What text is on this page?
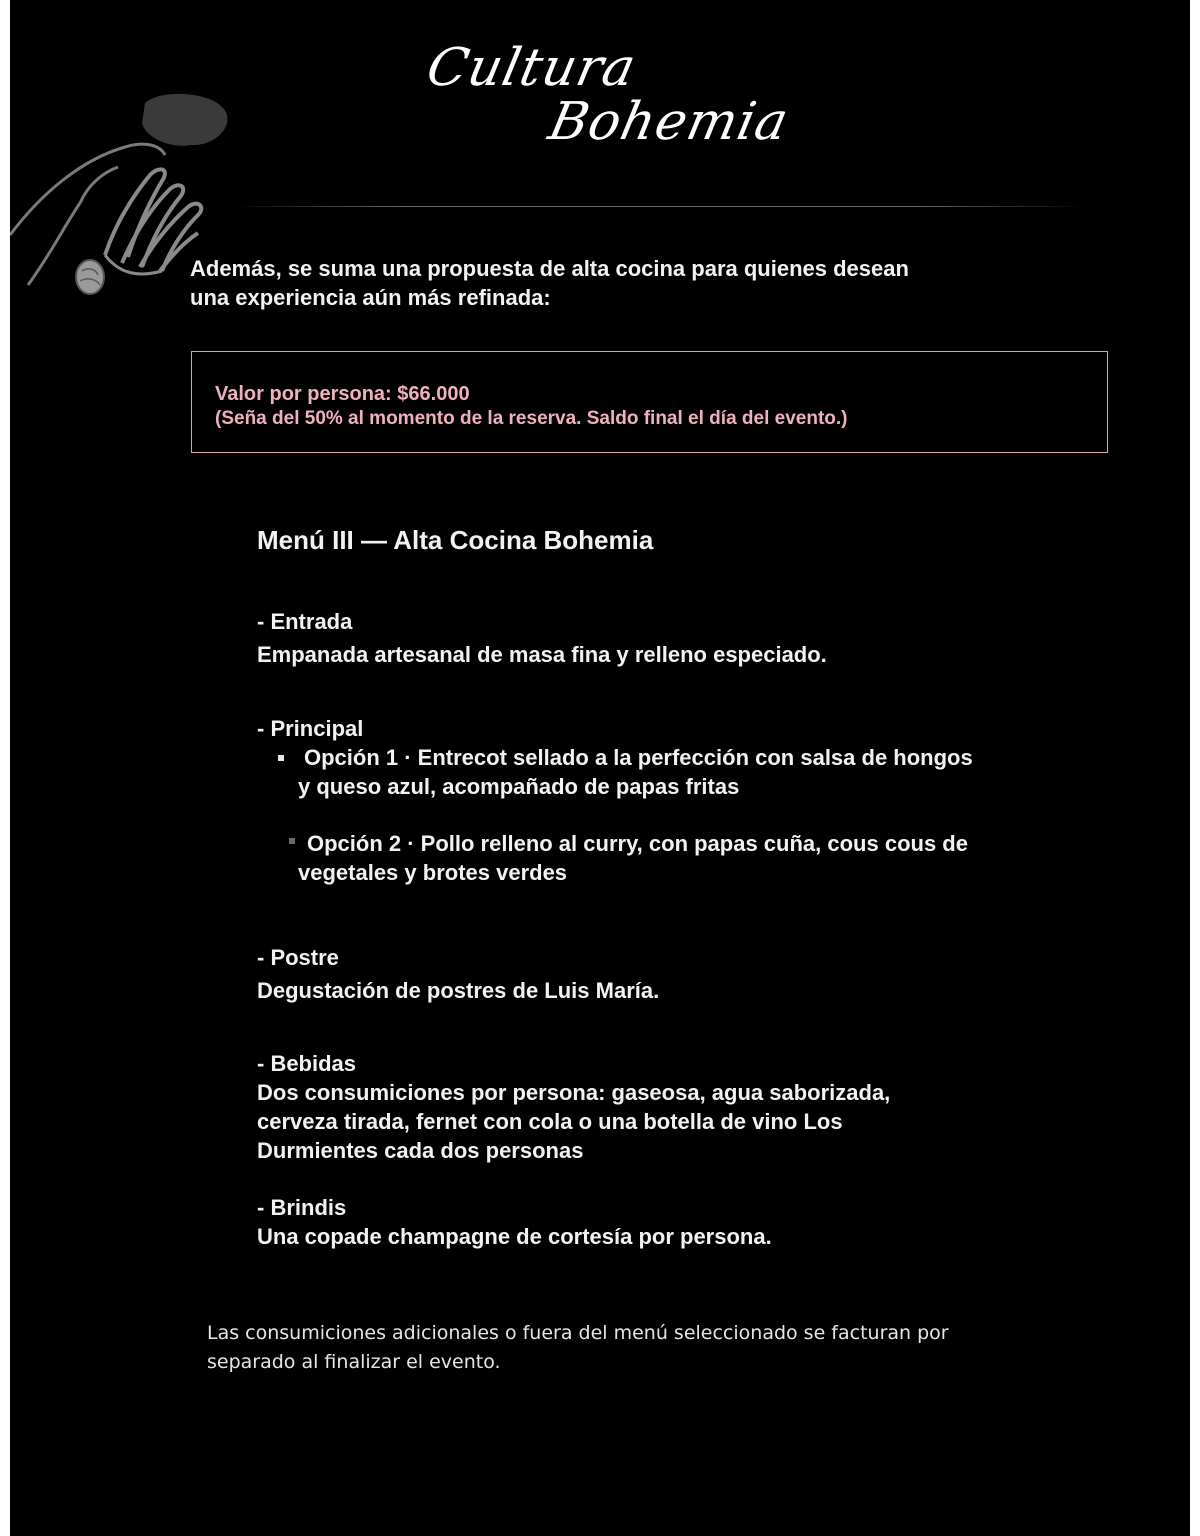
Cultura
Bohemia

Además, se suma una propuesta de alta cocina para quienes desean
una experiencia aún más refinada:

Valor por persona: $66.000
(Seña del 50% al momento de la reserva. Saldo final el día del evento.)
Menú III — Alta Cocina Bohemia

- Entrada

Empanada artesanal de masa fina y relleno especiado.

- Principal

Opción 1 · Entrecot sellado a la perfección con salsa de hongos

y queso azul, acompañado de papas fritas

Opción 2 · Pollo relleno al curry, con papas cuña, cous cous de

vegetales y brotes verdes

- Postre

Degustación de postres de Luis María.

- Bebidas

Dos consumiciones por persona: gaseosa, agua saborizada,

cerveza tirada, fernet con cola o una botella de vino Los

Durmientes cada dos personas

- Brindis

Una copade champagne de cortesía por persona.

Las consumiciones adicionales o fuera del menú seleccionado se facturan por
separado al finalizar el evento.
